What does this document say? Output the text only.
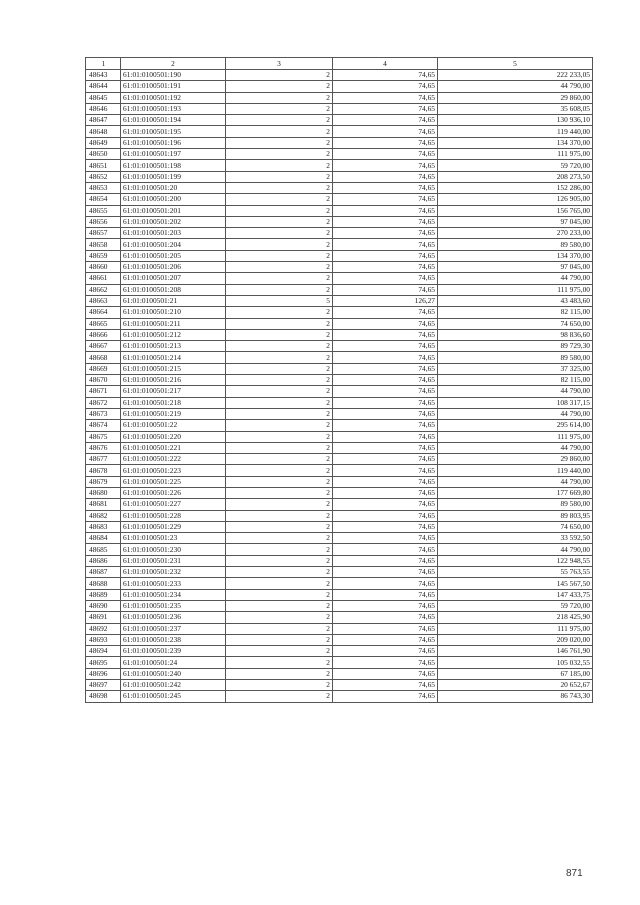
1	2	3	4	5
48643	61:01:0100501:190	2	74,65	222 233,05
48644	61:01:0100501:191	2	74,65	44 790,00
48645	61:01:0100501:192	2	74,65	29 860,00
48646	61:01:0100501:193	2	74,65	35 608,05
48647	61:01:0100501:194	2	74,65	130 936,10
48648	61:01:0100501:195	2	74,65	119 440,00
48649	61:01:0100501:196	2	74,65	134 370,00
48650	61:01:0100501:197	2	74,65	111 975,00
48651	61:01:0100501:198	2	74,65	59 720,00
48652	61:01:0100501:199	2	74,65	208 273,50
48653	61:01:0100501:20	2	74,65	152 286,00
48654	61:01:0100501:200	2	74,65	126 905,00
48655	61:01:0100501:201	2	74,65	156 765,00
48656	61:01:0100501:202	2	74,65	97 045,00
48657	61:01:0100501:203	2	74,65	270 233,00
48658	61:01:0100501:204	2	74,65	89 580,00
48659	61:01:0100501:205	2	74,65	134 370,00
48660	61:01:0100501:206	2	74,65	97 045,00
48661	61:01:0100501:207	2	74,65	44 790,00
48662	61:01:0100501:208	2	74,65	111 975,00
48663	61:01:0100501:21	5	126,27	43 483,60
48664	61:01:0100501:210	2	74,65	82 115,00
48665	61:01:0100501:211	2	74,65	74 650,00
48666	61:01:0100501:212	2	74,65	98 836,60
48667	61:01:0100501:213	2	74,65	89 729,30
48668	61:01:0100501:214	2	74,65	89 580,00
48669	61:01:0100501:215	2	74,65	37 325,00
48670	61:01:0100501:216	2	74,65	82 115,00
48671	61:01:0100501:217	2	74,65	44 790,00
48672	61:01:0100501:218	2	74,65	108 317,15
48673	61:01:0100501:219	2	74,65	44 790,00
48674	61:01:0100501:22	2	74,65	295 614,00
48675	61:01:0100501:220	2	74,65	111 975,00
48676	61:01:0100501:221	2	74,65	44 790,00
48677	61:01:0100501:222	2	74,65	29 860,00
48678	61:01:0100501:223	2	74,65	119 440,00
48679	61:01:0100501:225	2	74,65	44 790,00
48680	61:01:0100501:226	2	74,65	177 669,80
48681	61:01:0100501:227	2	74,65	89 580,00
48682	61:01:0100501:228	2	74,65	89 803,95
48683	61:01:0100501:229	2	74,65	74 650,00
48684	61:01:0100501:23	2	74,65	33 592,50
48685	61:01:0100501:230	2	74,65	44 790,00
48686	61:01:0100501:231	2	74,65	122 948,55
48687	61:01:0100501:232	2	74,65	55 763,55
48688	61:01:0100501:233	2	74,65	145 567,50
48689	61:01:0100501:234	2	74,65	147 433,75
48690	61:01:0100501:235	2	74,65	59 720,00
48691	61:01:0100501:236	2	74,65	218 425,90
48692	61:01:0100501:237	2	74,65	111 975,00
48693	61:01:0100501:238	2	74,65	209 020,00
48694	61:01:0100501:239	2	74,65	146 761,90
48695	61:01:0100501:24	2	74,65	105 032,55
48696	61:01:0100501:240	2	74,65	67 185,00
48697	61:01:0100501:242	2	74,65	20 652,67
48698	61:01:0100501:245	2	74,65	86 743,30
871
